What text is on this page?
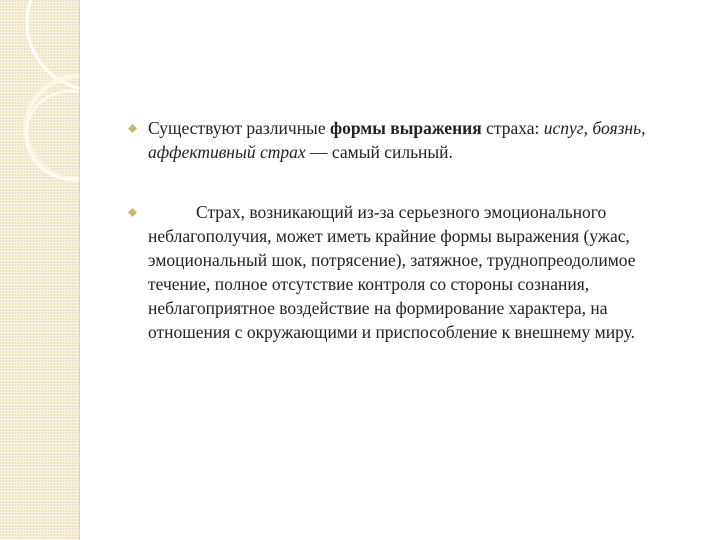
Существуют различные формы выражения страха: испуг, боязнь, аффективный страх — самый сильный.
Страх, возникающий из-за серьезного эмоционального неблагополучия, может иметь крайние формы выражения (ужас, эмоциональный шок, потрясение), затяжное, труднопреодолимое течение, полное отсутствие контроля со стороны сознания, неблагоприятное воздействие на формирование характера, на отношения с окружающими и приспособление к внешнему миру.
